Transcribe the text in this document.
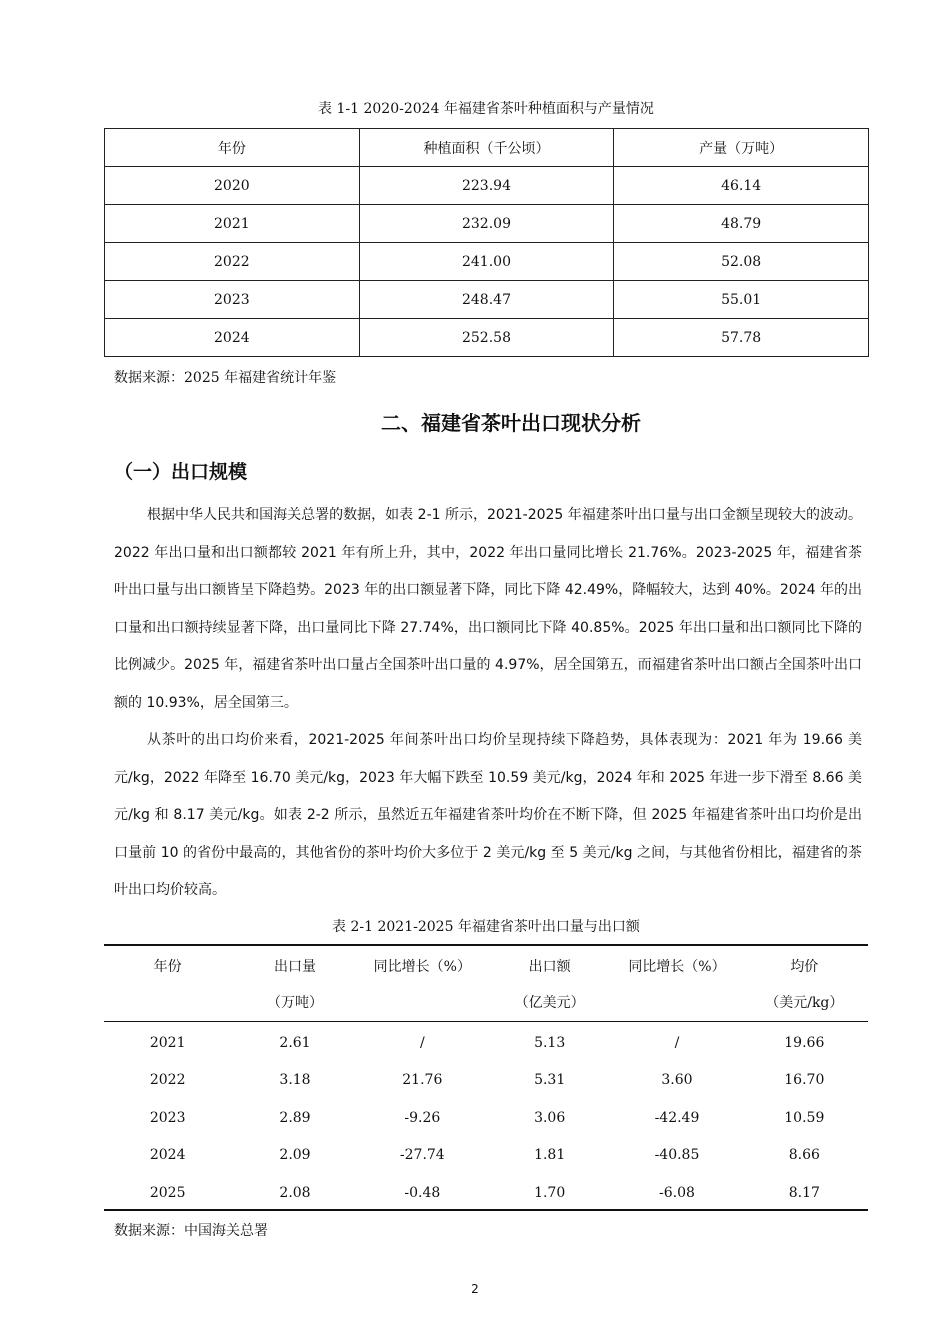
表 1-1 2020-2024 年福建省茶叶种植面积与产量情况
年份	种植面积（千公顷）	产量（万吨）
2020	223.94	46.14
2021	232.09	48.79
2022	241.00	52.08
2023	248.47	55.01
2024	252.58	57.78
数据来源：2025 年福建省统计年鉴
二、福建省茶叶出口现状分析
（一）出口规模
根据中华人民共和国海关总署的数据，如表 2-1 所示，2021-2025 年福建茶叶出口量与出口金额呈现较大的波动。2022 年出口量和出口额都较 2021 年有所上升，其中，2022 年出口量同比增长 21.76%。2023-2025 年，福建省茶叶出口量与出口额皆呈下降趋势。2023 年的出口额显著下降，同比下降 42.49%，降幅较大，达到 40%。2024 年的出口量和出口额持续显著下降，出口量同比下降 27.74%，出口额同比下降 40.85%。2025 年出口量和出口额同比下降的比例减少。2025 年，福建省茶叶出口量占全国茶叶出口量的 4.97%，居全国第五，而福建省茶叶出口额占全国茶叶出口额的 10.93%，居全国第三。
从茶叶的出口均价来看，2021-2025 年间茶叶出口均价呈现持续下降趋势，具体表现为：2021 年为 19.66 美元/kg，2022 年降至 16.70 美元/kg，2023 年大幅下跌至 10.59 美元/kg，2024 年和 2025 年进一步下滑至 8.66 美元/kg 和 8.17 美元/kg。如表 2-2 所示，虽然近五年福建省茶叶均价在不断下降，但 2025 年福建省茶叶出口均价是出口量前 10 的省份中最高的，其他省份的茶叶均价大多位于 2 美元/kg 至 5 美元/kg 之间，与其他省份相比，福建省的茶叶出口均价较高。
表 2-1 2021-2025 年福建省茶叶出口量与出口额
年份	出口量	同比增长（%）	出口额	同比增长（%）	均价
	（万吨）		（亿美元）		（美元/kg）
2021	2.61	/	5.13	/	19.66
2022	3.18	21.76	5.31	3.60	16.70
2023	2.89	-9.26	3.06	-42.49	10.59
2024	2.09	-27.74	1.81	-40.85	8.66
2025	2.08	-0.48	1.70	-6.08	8.17
数据来源：中国海关总署
2
